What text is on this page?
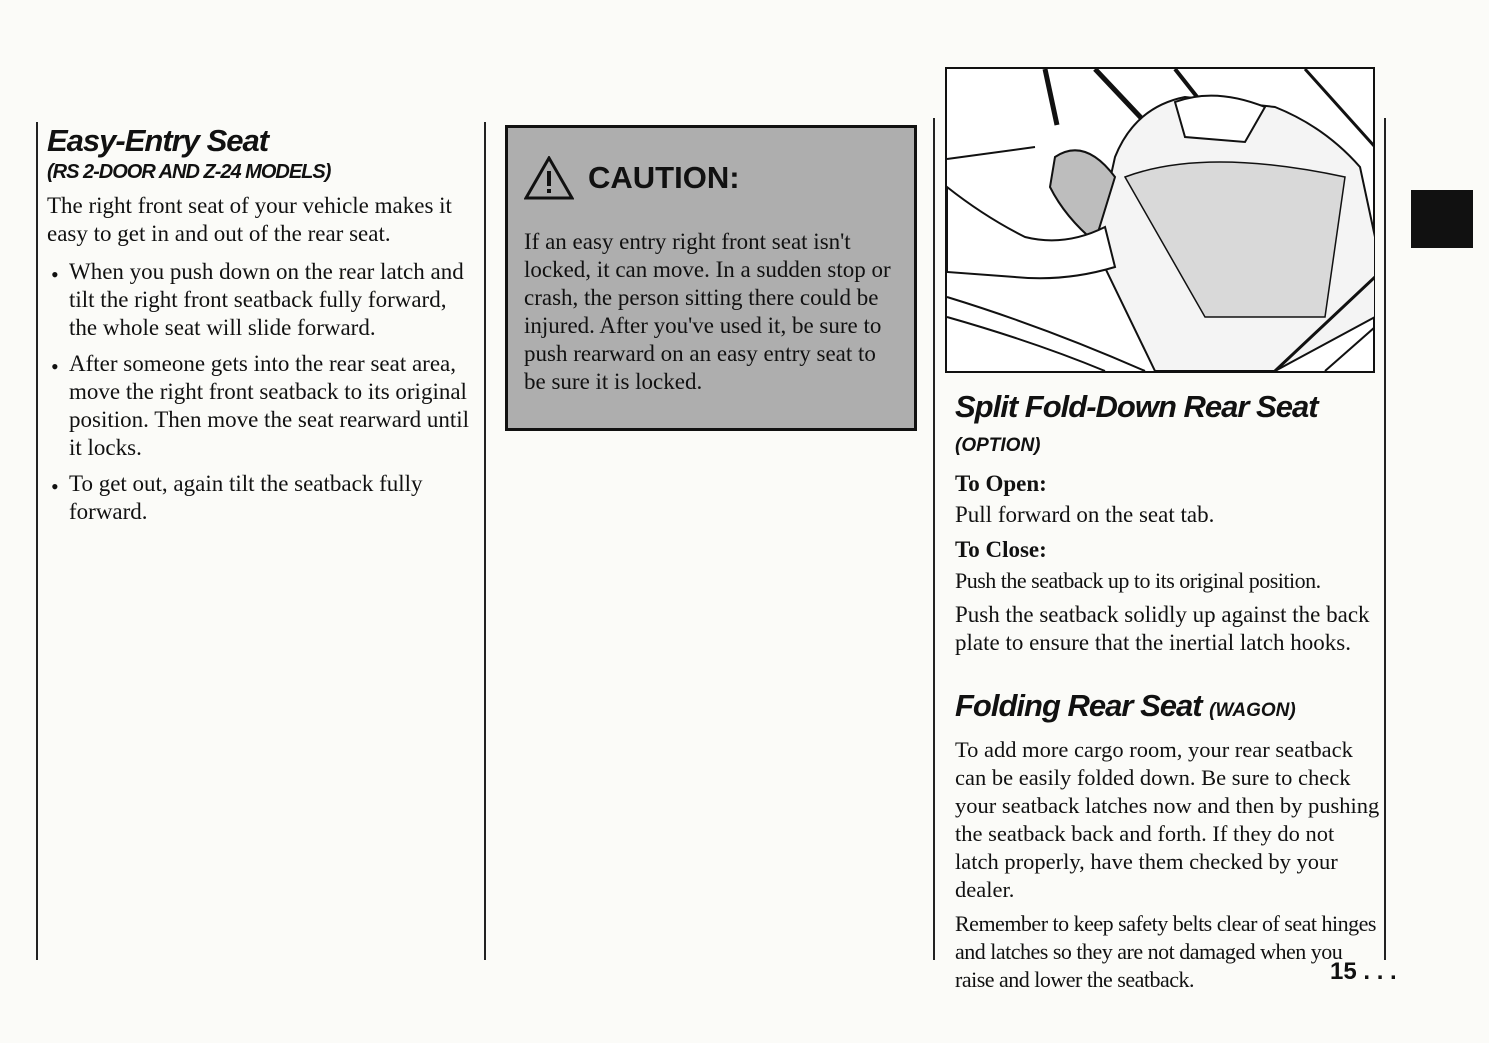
Easy-Entry Seat
(RS 2-DOOR AND Z-24 MODELS)

The right front seat of your vehicle makes it easy to get in and out of the rear seat.

• When you push down on the rear latch and tilt the right front seatback fully forward, the whole seat will slide forward.
• After someone gets into the rear seat area, move the right front seatback to its original position. Then move the seat rearward until it locks.
• To get out, again tilt the seatback fully forward.
CAUTION:

If an easy entry right front seat isn't locked, it can move. In a sudden stop or crash, the person sitting there could be injured. After you've used it, be sure to push rearward on an easy entry seat to be sure it is locked.

Split Fold-Down Rear Seat (OPTION)
To Open:

Pull forward on the seat tab.

To Close:

Push the seatback up to its original position.

Push the seatback solidly up against the back plate to ensure that the inertial latch hooks.

Folding Rear Seat (WAGON)

To add more cargo room, your rear seatback can be easily folded down. Be sure to check your seatback latches now and then by pushing the seatback back and forth. If they do not latch properly, have them checked by your dealer.

Remember to keep safety belts clear of seat hinges and latches so they are not damaged when you raise and lower the seatback.	15 . . .
